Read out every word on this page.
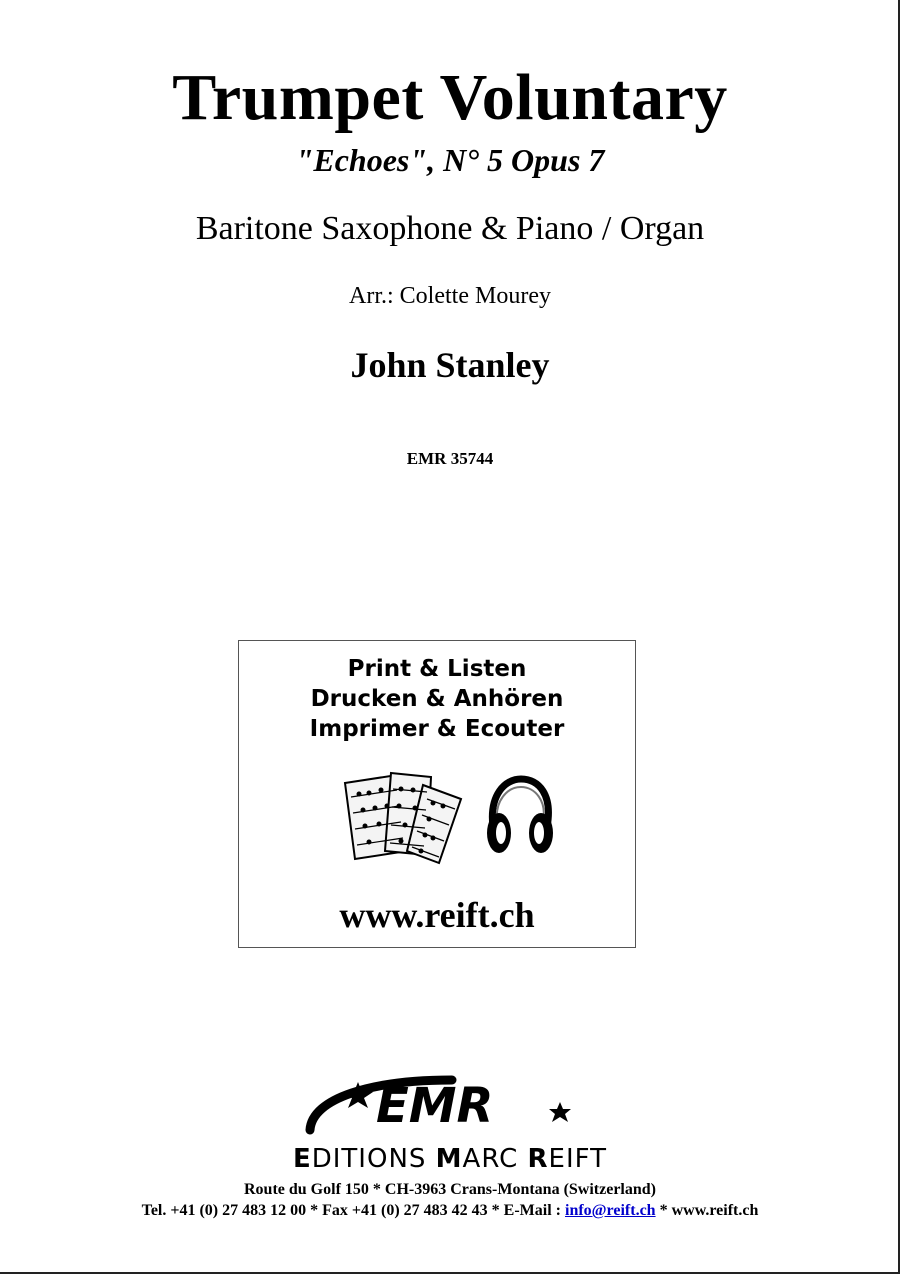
Trumpet Voluntary
"Echoes", N° 5 Opus 7
Baritone Saxophone & Piano / Organ
Arr.: Colette Mourey
John Stanley
EMR 35744
Print & Listen
Drucken & Anhören
Imprimer & Ecouter
www.reift.ch
EMR
EDITIONS MARC REIFT
Route du Golf 150 * CH-3963 Crans-Montana (Switzerland)
Tel. +41 (0) 27 483 12 00 * Fax +41 (0) 27 483 42 43 * E-Mail : info@reift.ch * www.reift.ch
